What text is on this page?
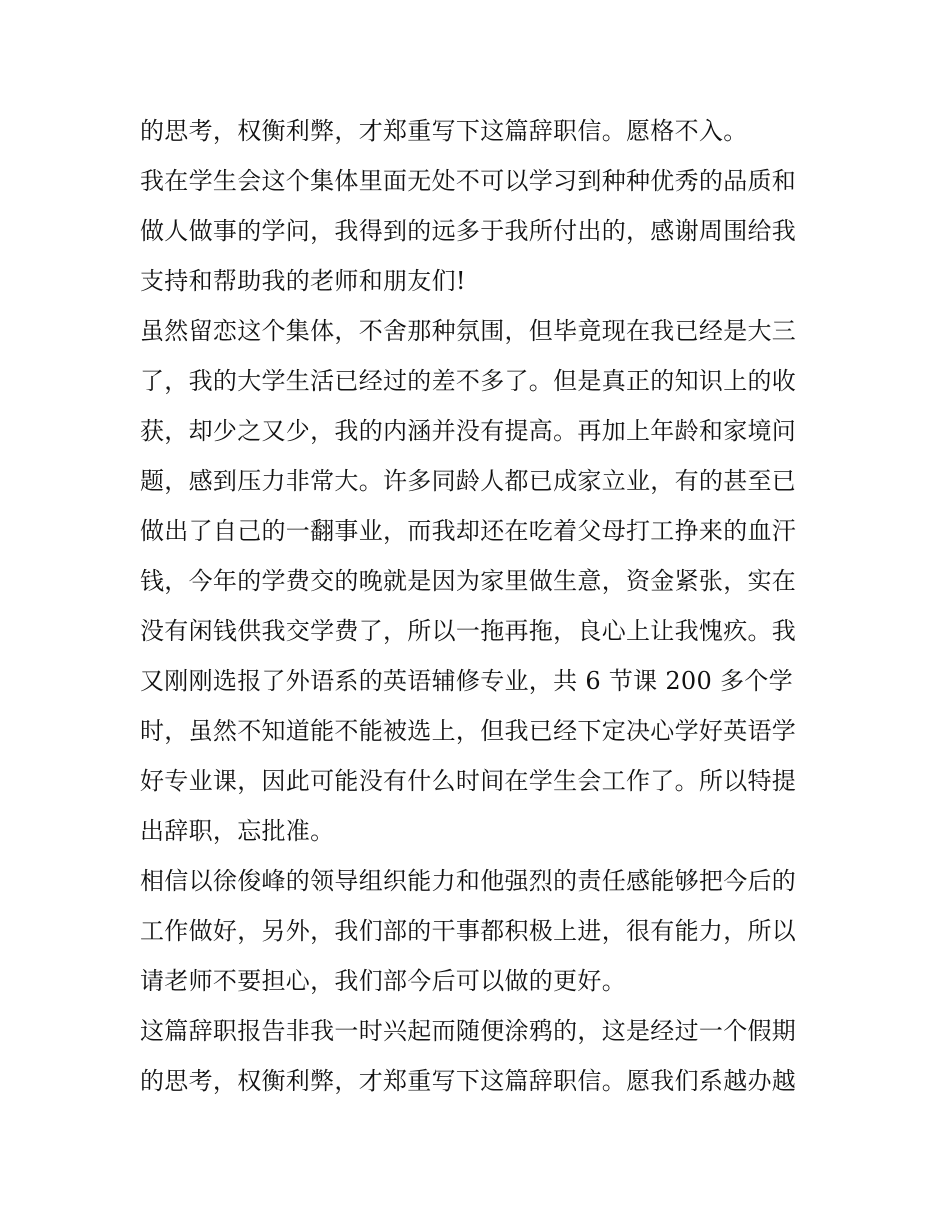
的思考，权衡利弊，才郑重写下这篇辞职信。愿格不入。
我在学生会这个集体里面无处不可以学习到种种优秀的品质和
做人做事的学问，我得到的远多于我所付出的，感谢周围给我
支持和帮助我的老师和朋友们!
虽然留恋这个集体，不舍那种氛围，但毕竟现在我已经是大三
了，我的大学生活已经过的差不多了。但是真正的知识上的收
获，却少之又少，我的内涵并没有提高。再加上年龄和家境问
题，感到压力非常大。许多同龄人都已成家立业，有的甚至已
做出了自己的一翻事业，而我却还在吃着父母打工挣来的血汗
钱，今年的学费交的晚就是因为家里做生意，资金紧张，实在
没有闲钱供我交学费了，所以一拖再拖，良心上让我愧疚。我
又刚刚选报了外语系的英语辅修专业，共 6 节课 200 多个学
时，虽然不知道能不能被选上，但我已经下定决心学好英语学
好专业课，因此可能没有什么时间在学生会工作了。所以特提
出辞职，忘批准。
相信以徐俊峰的领导组织能力和他强烈的责任感能够把今后的
工作做好，另外，我们部的干事都积极上进，很有能力，所以
请老师不要担心，我们部今后可以做的更好。
这篇辞职报告非我一时兴起而随便涂鸦的，这是经过一个假期
的思考，权衡利弊，才郑重写下这篇辞职信。愿我们系越办越
